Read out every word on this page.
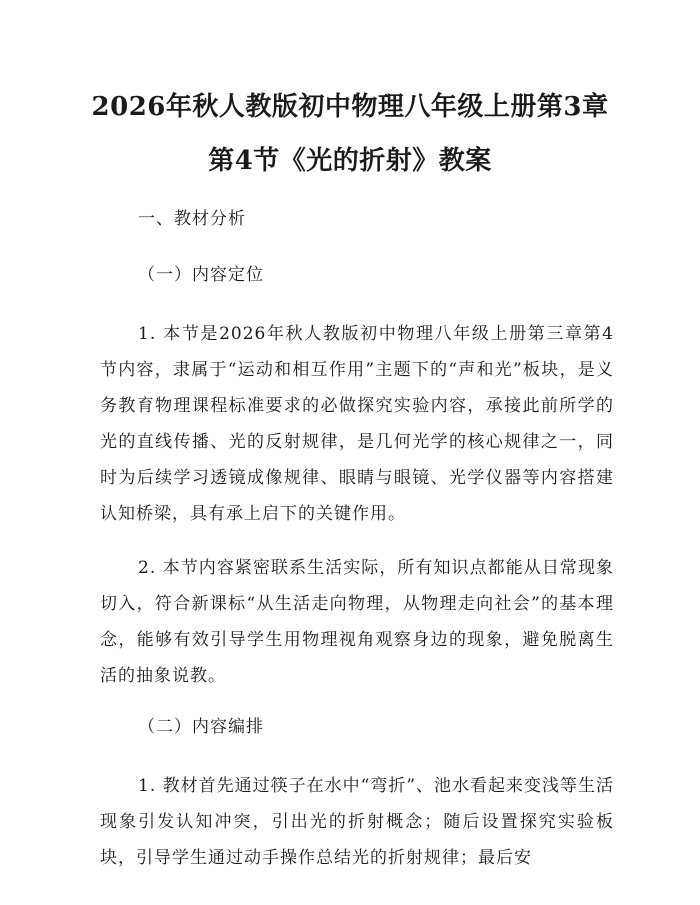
2026年秋人教版初中物理八年级上册第3章
第4节《光的折射》教案
一、教材分析
（一）内容定位

1. 本节是2026年秋人教版初中物理八年级上册第三章第4节内容，隶属于“运动和相互作用”主题下的“声和光”板块，是义务教育物理课程标准要求的必做探究实验内容，承接此前所学的光的直线传播、光的反射规律，是几何光学的核心规律之一，同时为后续学习透镜成像规律、眼睛与眼镜、光学仪器等内容搭建认知桥梁，具有承上启下的关键作用。

2. 本节内容紧密联系生活实际，所有知识点都能从日常现象切入，符合新课标“从生活走向物理，从物理走向社会”的基本理念，能够有效引导学生用物理视角观察身边的现象，避免脱离生活的抽象说教。

（二）内容编排

1. 教材首先通过筷子在水中“弯折”、池水看起来变浅等生活现象引发认知冲突，引出光的折射概念；随后设置探究实验板块，引导学生通过动手操作总结光的折射规律；最后安
